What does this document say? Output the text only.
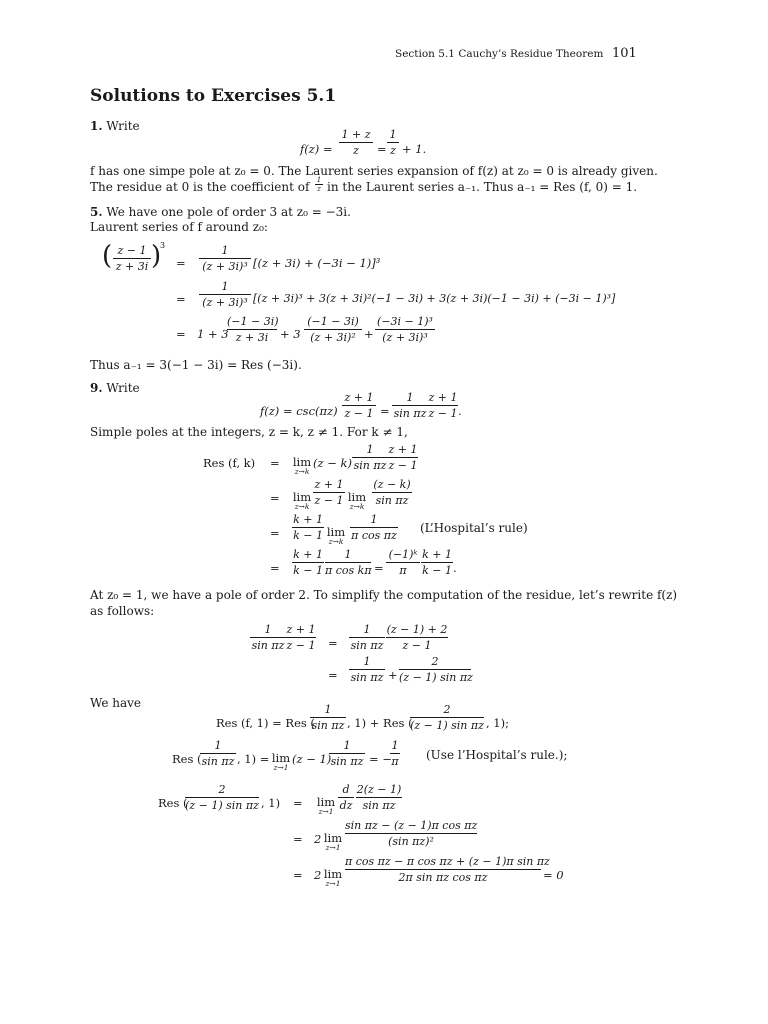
Section 5.1 Cauchy’s Residue Theorem 101
Solutions to Exercises 5.1
1. Write
f(z) =
1 + z
z	=
1
z + 1.
f has one simpe pole at z₀ = 0. The Laurent series expansion of f(z) at z₀ = 0 is already given.
The residue at 0 is the coefficient of 1
z in the Laurent series a₋₁. Thus a₋₁ = Res (f, 0) = 1.
5. We have one pole of order 3 at z₀ = −3i.
Laurent series of f around z₀:
( z − 1
z + 3i )
3
=
1
(z + 3i)³ [(z + 3i) + (−3i − 1)]³
=
1
(z + 3i)³ [(z + 3i)³ + 3(z + 3i)²(−1 − 3i) + 3(z + 3i)(−1 − 3i) + (−3i − 1)³]
= 1 + 3
(−1 − 3i)
z + 3i	+ 3
(−1 − 3i)
(z + 3i)² +
(−3i − 1)³
(z + 3i)³
Thus a₋₁ = 3(−1 − 3i) = Res (−3i).
9. Write
f(z) = csc(πz)
z + 1
z − 1 =
1
sin πz
z + 1
z − 1 .
Simple poles at the integers, z = k, z ≠ 1. For k ≠ 1,
Res (f, k) = lim
z→k
(z − k)
1
sin πz
z + 1
z − 1
= lim
z→k
z + 1
z − 1 lim
z→k
(z − k)
sin πz
=
k + 1
k − 1 lim
z→k
1
π cos πz
(L’Hospital’s rule)
=
k + 1
k − 1
1
π cos kπ =
(−1)ᵏ
π
k + 1
k − 1 .
At z₀ = 1, we have a pole of order 2. To simplify the computation of the residue, let’s rewrite f(z)
as follows:
1
sin πz
z + 1
z − 1 =
1
sin πz
(z − 1) + 2
z − 1
=
1
sin πz +
2
(z − 1) sin πz
We have
Res (f, 1) = Res (
1
sin πz , 1) + Res (
2
(z − 1) sin πz , 1);
Res (
1
sin πz , 1) = lim
z→1
(z − 1)
1
sin πz = −
1
π (Use l’Hospital’s rule.);
Res (
2
(z − 1) sin πz , 1) = lim
z→1
d
dz
2(z − 1)
sin πz
= 2 lim
z→1
sin πz − (z − 1)π cos πz
(sin πz)²
= 2 lim
z→1
π cos πz − π cos πz + (z − 1)π sin πz
2π sin πz cos πz	= 0
